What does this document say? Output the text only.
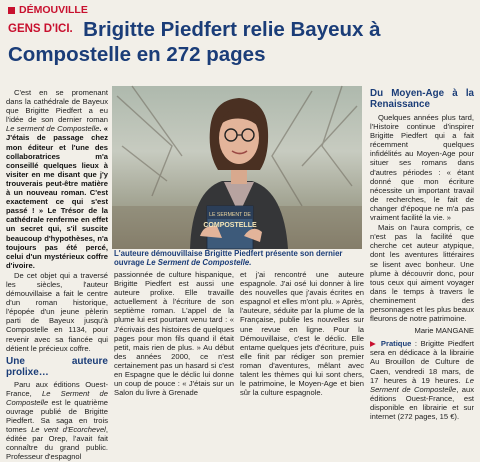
DÉMOUVILLE
$^{GENS D'ICI.}$ Brigitte Piedfert relie Bayeux à Compostelle en 272 pages

C'est en se promenant dans la cathédrale de Bayeux que Brigitte Piedfert a eu l'idée de son dernier roman Le serment de Compostelle. « J'étais de passage chez mon éditeur et l'une des collaboratrices m'a conseillé quelques lieux à visiter en me disant que j'y trouverais peut-être matière à un nouveau roman. C'est exactement ce qui s'est passé ! » Le Trésor de la cathédrale renferme en effet un secret qui, s'il suscite beaucoup d'hypothèses, n'a toujours pas été percé, celui d'un mystérieux coffre d'ivoire.

De cet objet qui a traversé les siècles, l'auteur démouvillaise a fait le centre d'un roman historique, l'épopée d'un jeune pèlerin parti de Bayeux jusqu'à Compostelle en 1134, pour revenir avec sa fiancée qui détient le précieux coffre.

Une auteure prolixe…

Paru aux éditions Ouest-France, Le Serment de Compostelle est le quatrième ouvrage publié de Brigitte Piedfert. Sa saga en trois tomes Le vent d'Ecorchevel, éditée par Orep, l'avait fait connaître du grand public. Professeur d'espagnol

LE SERMENT DE
COMPOSTELLE
L'auteure démouvillaise Brigitte Piedfert présente son dernier ouvrage Le Serment de Compostelle.

passionnée de culture hispanique, Brigitte Piedfert est aussi une auteure prolixe. Elle travaille actuellement à l'écriture de son septième roman. L'appel de la plume lui est pourtant venu tard : « J'écrivais des histoires de quelques pages pour mon fils quand il était petit, mais rien de plus. » Au début des années 2000, ce n'est certainement pas un hasard si c'est en Espagne que le déclic lui donne un coup de pouce : « J'étais sur un Salon du livre à Grenade

et j'ai rencontré une auteure espagnole. J'ai osé lui donner à lire des nouvelles que j'avais écrites en espagnol et elles m'ont plu. » Après, l'auteure, séduite par la plume de la Française, publie les nouvelles sur une revue en ligne. Pour la Démouvillaise, c'est le déclic. Elle entame quelques jets d'écriture, puis elle finit par rédiger son premier roman d'aventures, mêlant avec talent les thèmes qui lui sont chers, le patrimoine, le Moyen-Age et bien sûr la culture espagnole.

Du Moyen-Age à la Renaissance

Quelques années plus tard, l'Histoire continue d'inspirer Brigitte Piedfert qui a fait récemment quelques infidélités au Moyen-Age pour situer ses romans dans d'autres périodes : « étant donné que mon écriture nécessite un important travail de recherches, le fait de changer d'époque ne m'a pas vraiment facilité la vie. »

Mais on l'aura compris, ce n'est pas la facilité que cherche cet auteur atypique, dont les aventures littéraires se lisent avec bonheur. Une plume à découvrir donc, pour tous ceux qui aiment voyager dans le temps à travers le cheminement des personnages et les plus beaux fleurons de notre patrimoine.

Marie MANGANE

▶ Pratique : Brigitte Piedfert sera en dédicace à la librairie Au Brouillon de Culture de Caen, vendredi 18 mars, de 17 heures à 19 heures. Le Serment de Compostelle, aux éditions Ouest-France, est disponible en librairie et sur internet (272 pages, 15 €).
